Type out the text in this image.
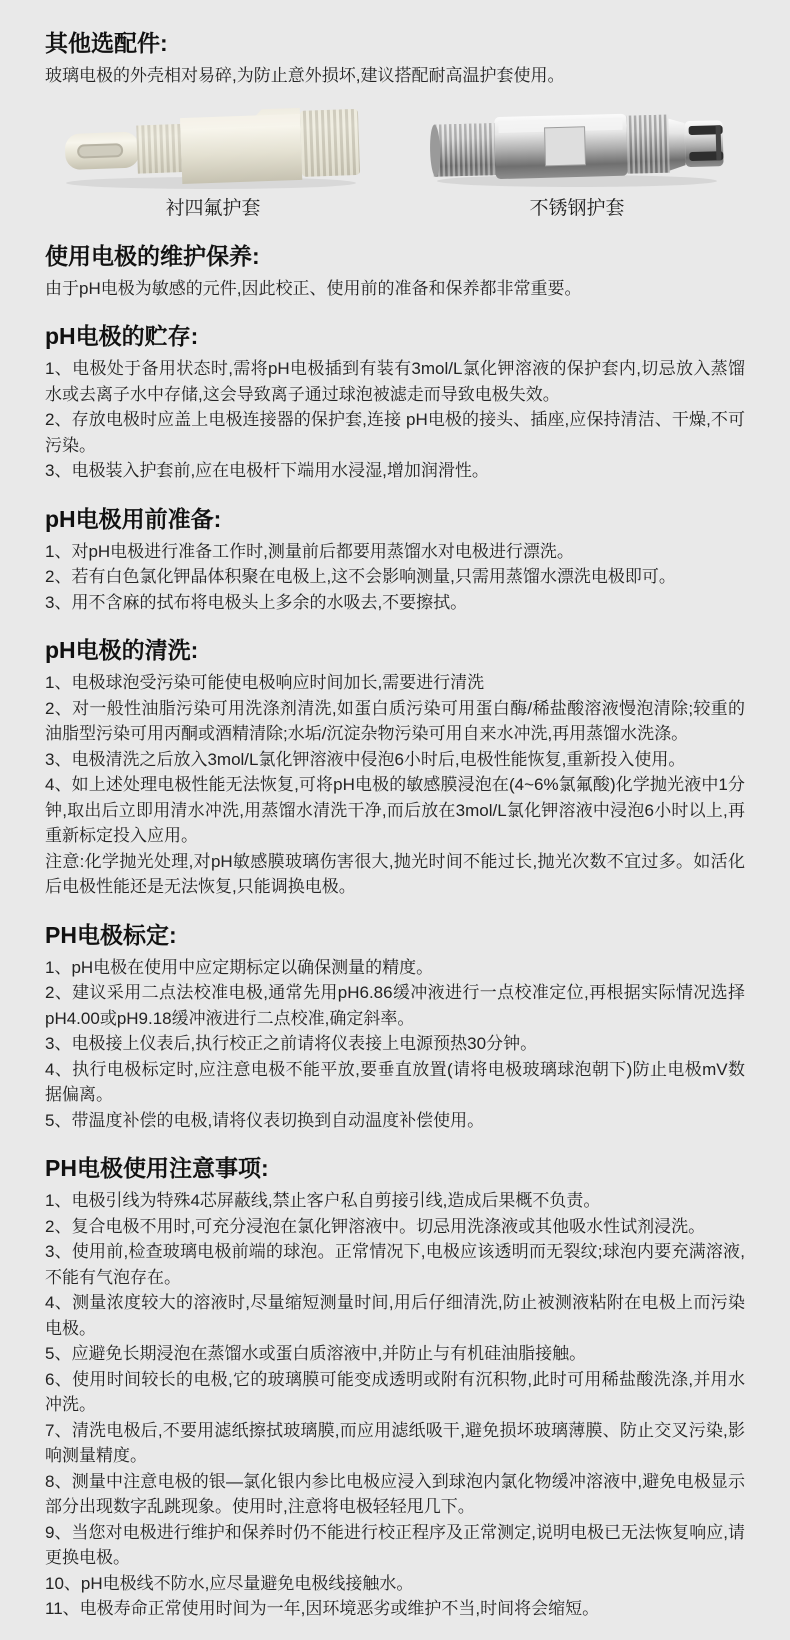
其他选配件:

玻璃电极的外壳相对易碎,为防止意外损坏,建议搭配耐高温护套使用。

衬四氟护套	不锈钢护套
使用电极的维护保养:

由于pH电极为敏感的元件,因此校正、使用前的准备和保养都非常重要。

pH电极的贮存:

1、电极处于备用状态时,需将pH电极插到有装有3mol/L氯化钾溶液的保护套内,切忌放入蒸馏水或去离子水中存储,这会导致离子通过球泡被滤走而导致电极失效。

2、存放电极时应盖上电极连接器的保护套,连接 pH电极的接头、插座,应保持清洁、干燥,不可污染。

3、电极装入护套前,应在电极杆下端用水浸湿,增加润滑性。

pH电极用前准备:

1、对pH电极进行准备工作时,测量前后都要用蒸馏水对电极进行漂洗。

2、若有白色氯化钾晶体积聚在电极上,这不会影响测量,只需用蒸馏水漂洗电极即可。

3、用不含麻的拭布将电极头上多余的水吸去,不要擦拭。

pH电极的清洗:

1、电极球泡受污染可能使电极响应时间加长,需要进行清洗

2、对一般性油脂污染可用洗涤剂清洗,如蛋白质污染可用蛋白酶/稀盐酸溶液慢泡清除;较重的油脂型污染可用丙酮或酒精清除;水垢/沉淀杂物污染可用自来水冲洗,再用蒸馏水洗涤。

3、电极清洗之后放入3mol/L氯化钾溶液中侵泡6小时后,电极性能恢复,重新投入使用。

4、如上述处理电极性能无法恢复,可将pH电极的敏感膜浸泡在(4~6%氯氟酸)化学抛光液中1分钟,取出后立即用清水冲洗,用蒸馏水清洗干净,而后放在3mol/L氯化钾溶液中浸泡6小时以上,再重新标定投入应用。

注意:化学抛光处理,对pH敏感膜玻璃伤害很大,抛光时间不能过长,抛光次数不宜过多。如活化后电极性能还是无法恢复,只能调换电极。

PH电极标定:

1、pH电极在使用中应定期标定以确保测量的精度。

2、建议采用二点法校准电极,通常先用pH6.86缓冲液进行一点校准定位,再根据实际情况选择pH4.00或pH9.18缓冲液进行二点校准,确定斜率。

3、电极接上仪表后,执行校正之前请将仪表接上电源预热30分钟。

4、执行电极标定时,应注意电极不能平放,要垂直放置(请将电极玻璃球泡朝下)防止电极mV数据偏离。

5、带温度补偿的电极,请将仪表切换到自动温度补偿使用。

PH电极使用注意事项:

1、电极引线为特殊4芯屏蔽线,禁止客户私自剪接引线,造成后果概不负责。

2、复合电极不用时,可充分浸泡在氯化钾溶液中。切忌用洗涤液或其他吸水性试剂浸洗。

3、使用前,检查玻璃电极前端的球泡。正常情况下,电极应该透明而无裂纹;球泡内要充满溶液,不能有气泡存在。

4、测量浓度较大的溶液时,尽量缩短测量时间,用后仔细清洗,防止被测液粘附在电极上而污染电极。

5、应避免长期浸泡在蒸馏水或蛋白质溶液中,并防止与有机硅油脂接触。

6、使用时间较长的电极,它的玻璃膜可能变成透明或附有沉积物,此时可用稀盐酸洗涤,并用水冲洗。

7、清洗电极后,不要用滤纸擦拭玻璃膜,而应用滤纸吸干,避免损坏玻璃薄膜、防止交叉污染,影响测量精度。

8、测量中注意电极的银—氯化银内参比电极应浸入到球泡内氯化物缓冲溶液中,避免电极显示部分出现数字乱跳现象。使用时,注意将电极轻轻甩几下。

9、当您对电极进行维护和保养时仍不能进行校正程序及正常测定,说明电极已无法恢复响应,请更换电极。

10、pH电极线不防水,应尽量避免电极线接触水。

11、电极寿命正常使用时间为一年,因环境恶劣或维护不当,时间将会缩短。
